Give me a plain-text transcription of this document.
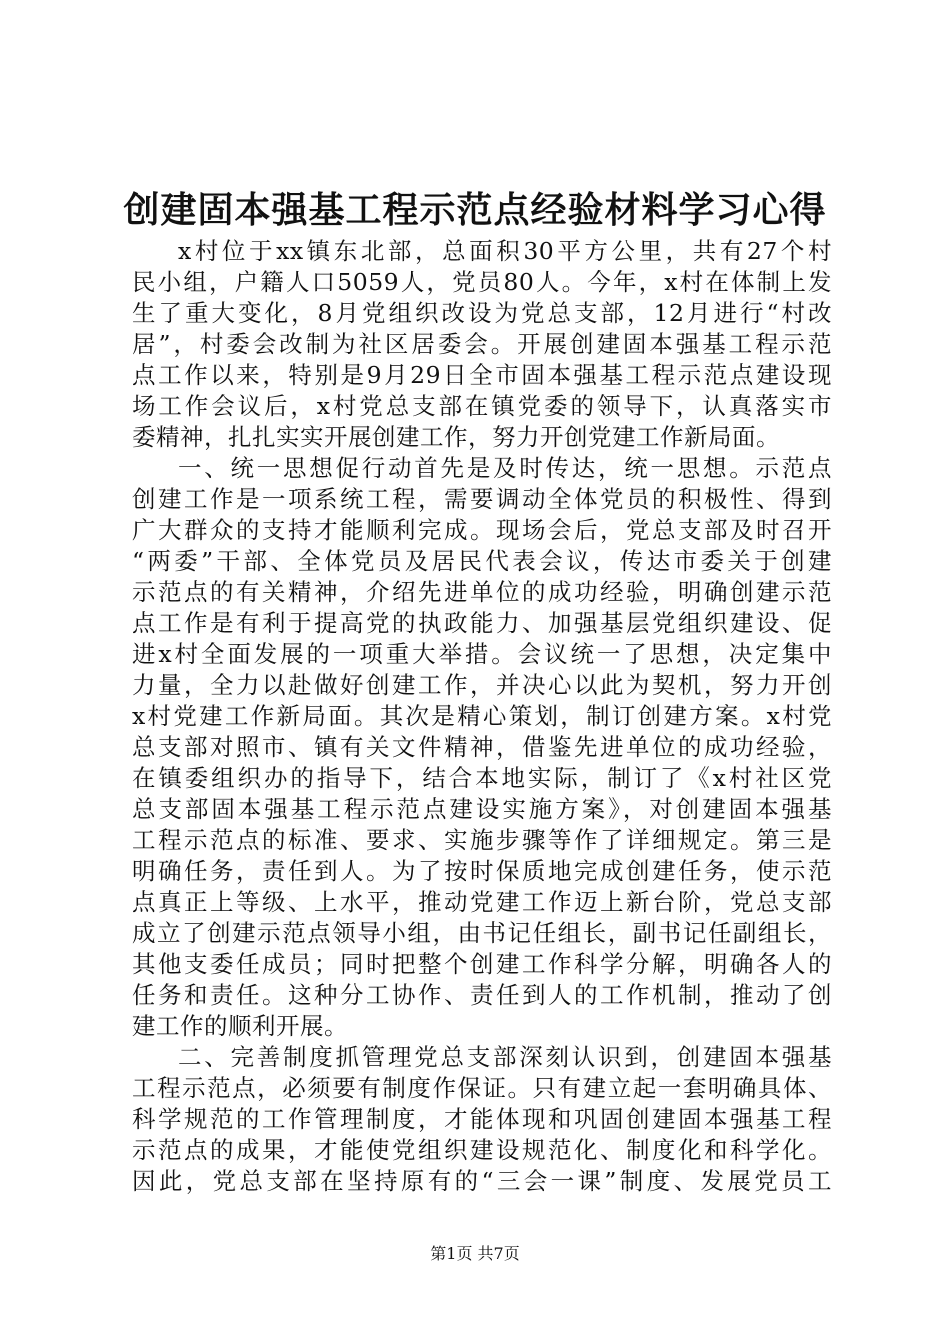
创建固本强基工程示范点经验材料学习心得
x村位于xx镇东北部，总面积30平方公里，共有27个村
民小组，户籍人口5059人，党员80人。今年，x村在体制上发
生了重大变化，8月党组织改设为党总支部，12月进行“村改
居”，村委会改制为社区居委会。开展创建固本强基工程示范
点工作以来，特别是9月29日全市固本强基工程示范点建设现
场工作会议后，x村党总支部在镇党委的领导下，认真落实市
委精神，扎扎实实开展创建工作，努力开创党建工作新局面。
一、统一思想促行动首先是及时传达，统一思想。示范点
创建工作是一项系统工程，需要调动全体党员的积极性、得到
广大群众的支持才能顺利完成。现场会后，党总支部及时召开
“两委”干部、全体党员及居民代表会议，传达市委关于创建
示范点的有关精神，介绍先进单位的成功经验，明确创建示范
点工作是有利于提高党的执政能力、加强基层党组织建设、促
进x村全面发展的一项重大举措。会议统一了思想，决定集中
力量，全力以赴做好创建工作，并决心以此为契机，努力开创
x村党建工作新局面。其次是精心策划，制订创建方案。x村党
总支部对照市、镇有关文件精神，借鉴先进单位的成功经验，
在镇委组织办的指导下，结合本地实际，制订了《x村社区党
总支部固本强基工程示范点建设实施方案》，对创建固本强基
工程示范点的标准、要求、实施步骤等作了详细规定。第三是
明确任务，责任到人。为了按时保质地完成创建任务，使示范
点真正上等级、上水平，推动党建工作迈上新台阶，党总支部
成立了创建示范点领导小组，由书记任组长，副书记任副组长，
其他支委任成员；同时把整个创建工作科学分解，明确各人的
任务和责任。这种分工协作、责任到人的工作机制，推动了创
建工作的顺利开展。
二、完善制度抓管理党总支部深刻认识到，创建固本强基
工程示范点，必须要有制度作保证。只有建立起一套明确具体、
科学规范的工作管理制度，才能体现和巩固创建固本强基工程
示范点的成果，才能使党组织建设规范化、制度化和科学化。
因此，党总支部在坚持原有的“三会一课”制度、发展党员工
第1页 共7页
